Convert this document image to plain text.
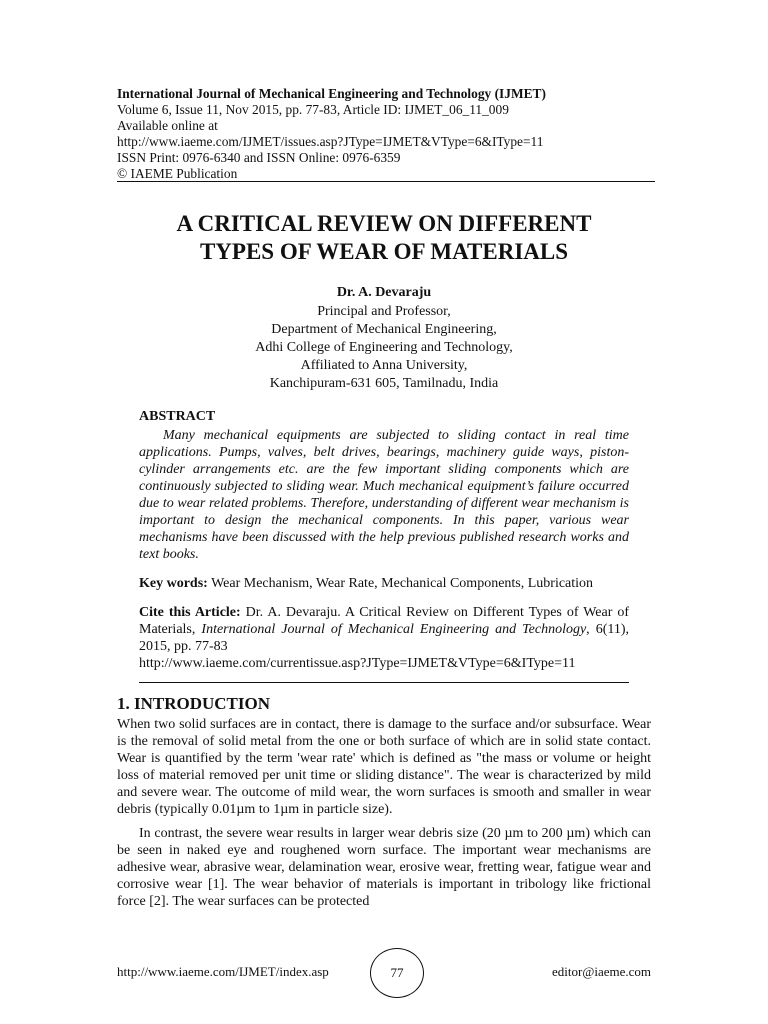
International Journal of Mechanical Engineering and Technology (IJMET)
Volume 6, Issue 11, Nov 2015, pp. 77-83, Article ID: IJMET_06_11_009
Available online at
http://www.iaeme.com/IJMET/issues.asp?JType=IJMET&VType=6&IType=11
ISSN Print: 0976-6340 and ISSN Online: 0976-6359
© IAEME Publication
A CRITICAL REVIEW ON DIFFERENT
TYPES OF WEAR OF MATERIALS
Dr. A. Devaraju
Principal and Professor,
Department of Mechanical Engineering,
Adhi College of Engineering and Technology,
Affiliated to Anna University,
Kanchipuram-631 605, Tamilnadu, India
ABSTRACT

Many mechanical equipments are subjected to sliding contact in real time applications. Pumps, valves, belt drives, bearings, machinery guide ways, piston- cylinder arrangements etc. are the few important sliding components which are continuously subjected to sliding wear. Much mechanical equipment’s failure occurred due to wear related problems. Therefore, understanding of different wear mechanism is important to design the mechanical components. In this paper, various wear mechanisms have been discussed with the help previous published research works and text books.

Key words: Wear Mechanism, Wear Rate, Mechanical Components, Lubrication

Cite this Article: Dr. A. Devaraju. A Critical Review on Different Types of Wear of Materials, International Journal of Mechanical Engineering and Technology, 6(11), 2015, pp. 77-83
http://www.iaeme.com/currentissue.asp?JType=IJMET&VType=6&IType=11

1. INTRODUCTION

When two solid surfaces are in contact, there is damage to the surface and/or subsurface. Wear is the removal of solid metal from the one or both surface of which are in solid state contact. Wear is quantified by the term 'wear rate' which is defined as "the mass or volume or height loss of material removed per unit time or sliding distance". The wear is characterized by mild and severe wear. The outcome of mild wear, the worn surfaces is smooth and smaller in wear debris (typically 0.01µm to 1µm in particle size).

In contrast, the severe wear results in larger wear debris size (20 µm to 200 µm) which can be seen in naked eye and roughened worn surface. The important wear mechanisms are adhesive wear, abrasive wear, delamination wear, erosive wear, fretting wear, fatigue wear and corrosive wear [1]. The wear behavior of materials is important in tribology like frictional force [2]. The wear surfaces can be protected

http://www.iaeme.com/IJMET/index.asp	77	editor@iaeme.com
